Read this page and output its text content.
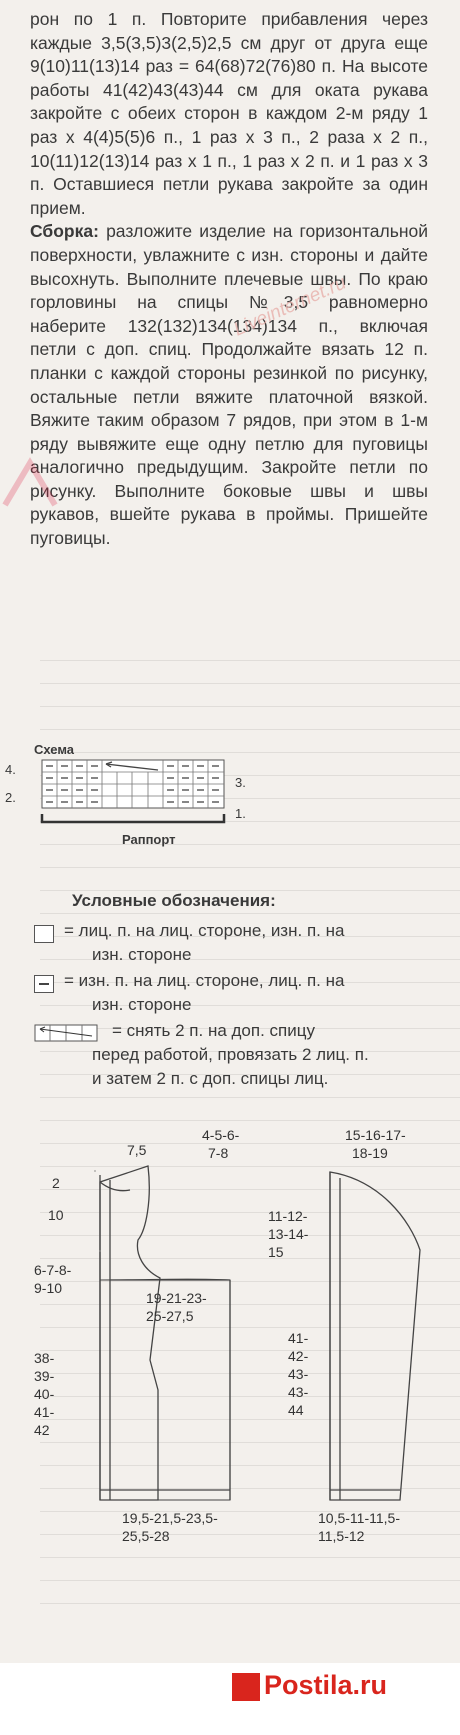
рон по 1 п. Повторите прибавления через каждые 3,5(3,5)3(2,5)2,5 см друг от друга еще 9(10)11(13)14 раз = 64(68)72(76)80 п. На высоте работы 41(42)43(43)44 см для оката рукава закройте с обеих сторон в каждом 2-м ряду 1 раз х 4(4)5(5)6 п., 1 раз х 3 п., 2 раза х 2 п., 10(11)12(13)14 раз х 1 п., 1 раз х 2 п. и 1 раз х 3 п. Оставшиеся петли рукава закройте за один прием.

Сборка: разложите изделие на горизонтальной поверхности, увлажните с изн. стороны и дайте высохнуть. Выполните плечевые швы. По краю горловины на спицы №3,5 равномерно наберите 132(132)134(134)134 п., включая петли с доп. спиц. Продолжайте вязать 12 п. планки с каждой стороны резинкой по рисунку, остальные петли вяжите платочной вязкой. Вяжите таким образом 7 рядов, при этом в 1-м ряду вывяжите еще одну петлю для пуговицы аналогично предыдущим. Закройте петли по рисунку. Выполните боковые швы и швы рукавов, вшейте рукава в проймы. Пришейте пуговицы.

Liveinternet.ru
Схема
4.
3.
2.
1.
Раппорт
Условные обозначения:
= лиц. п. на лиц. стороне, изн. п. на
изн. стороне
= изн. п. на лиц. стороне, лиц. п. на
изн. стороне
= снять 2 п. на доп. спицу
перед работой, провязать 2 лиц. п.
и затем 2 п. с доп. спицы лиц.
7,5
4-5-6-
7-8
15-16-17-
18-19
2
10
6-7-8-
9-10
38-
39-
40-
41-
42
11-12-
13-14-
15
19-21-23-
25-27,5
41-
42-
43-
43-
44
19,5-21,5-23,5-
25,5-28
10,5-11-11,5-
11,5-12
Postila.ru
